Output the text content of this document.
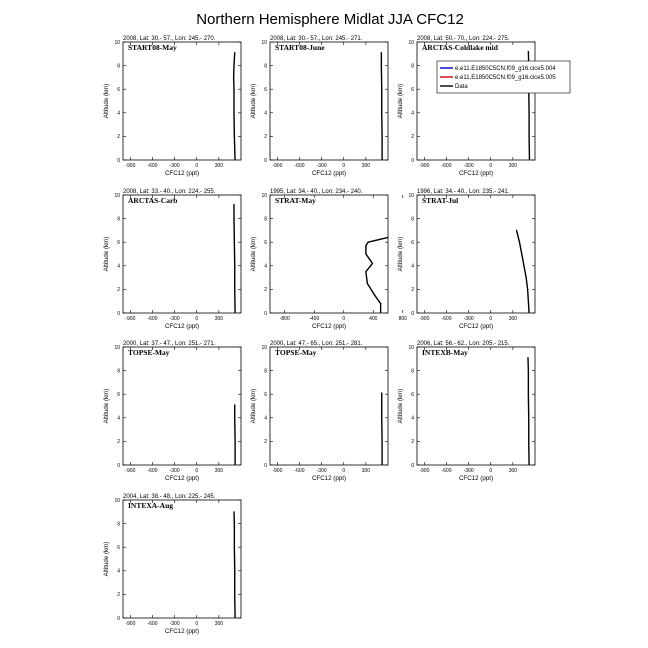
Northern Hemisphere Midlat JJA CFC12
2008, Lat: 30.- 57., Lon: 245.- 270.
START08-May
-900 -600 -300	0	300
0
2
4
6
8
10
CFC12 (ppt)
Altitude (km)
2008, Lat: 30.- 57., Lon: 245.- 271.
START08-June
-900 -600 -300	0	300
0
2
4
6
8
10
CFC12 (ppt)
Altitude (km)
2008, Lat: 50.- 70., Lon: 224.- 275.
ARCTAS-Coldlake mid
-900 -600 -300	0	300
0
2
4
6
8
10
CFC12 (ppt)
Altitude (km)
2008, Lat: 33.- 40., Lon: 224.- 255.
ARCTAS-Carb
-900 -600 -300	0	300
0
2
4
6
8
10
CFC12 (ppt)
Altitude (km)
1995, Lat: 34.- 40., Lon: 234.- 240.
STRAT-May
-800	-400	0	400	800
0
2
4
6
8
10
CFC12 (ppt)
Altitude (km)
1996, Lat: 34.- 40., Lon: 235.- 241.
STRAT-Jul
-900 -600 -300	0	300
0
2
4
6
8
10
CFC12 (ppt)
Altitude (km)
2000, Lat: 37.- 47., Lon: 251.- 271.
TOPSE-May
-900 -600 -300	0	300
0
2
4
6
8
10
CFC12 (ppt)
Altitude (km)
2000, Lat: 47.- 65., Lon: 251.- 281.
TOPSE-May
-900 -600 -300	0	300
0
2
4
6
8
10
CFC12 (ppt)
Altitude (km)
2006, Lat: 56.- 62., Lon: 205.- 215.
INTEXB-May
-900 -600 -300	0	300
0
2
4
6
8
10
CFC12 (ppt)
Altitude (km)
2004, Lat: 38.- 48., Lon: 225.- 245.
INTEXA-Aug
-900 -600 -300	0	300
0
2
4
6
8
10
CFC12 (ppt)
Altitude (km)
e.e11.E1850C5CN.f09_g16.cice5.004
e.e11.E1850C5CN.f09_g16.cice5.005
Data
